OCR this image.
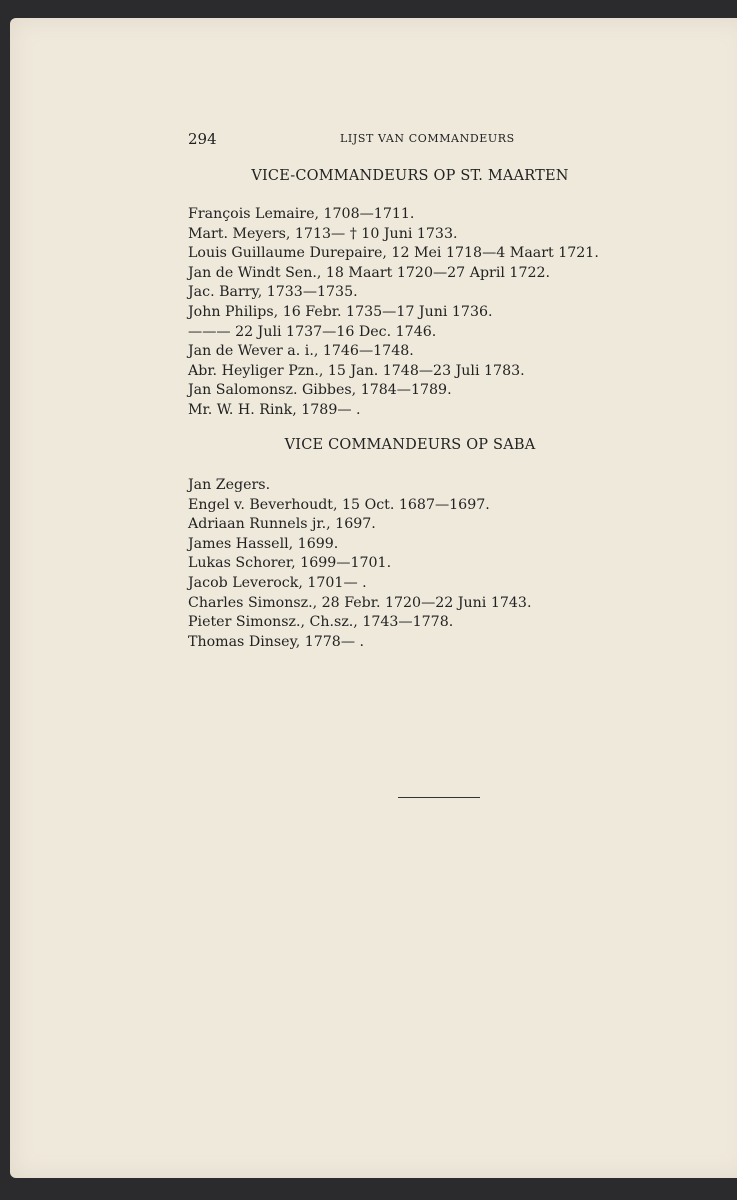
294	LIJST VAN COMMANDEURS
VICE-COMMANDEURS OP ST. MAARTEN
François Lemaire, 1708—1711.
Mart. Meyers, 1713— † 10 Juni 1733.
Louis Guillaume Durepaire, 12 Mei 1718—4 Maart 1721.
Jan de Windt Sen., 18 Maart 1720—27 April 1722.
Jac. Barry, 1733—1735.
John Philips, 16 Febr. 1735—17 Juni 1736.
——— 22 Juli 1737—16 Dec. 1746.
Jan de Wever a. i., 1746—1748.
Abr. Heyliger Pzn., 15 Jan. 1748—23 Juli 1783.
Jan Salomonsz. Gibbes, 1784—1789.
Mr. W. H. Rink, 1789— .
VICE COMMANDEURS OP SABA
Jan Zegers.
Engel v. Beverhoudt, 15 Oct. 1687—1697.
Adriaan Runnels jr., 1697.
James Hassell, 1699.
Lukas Schorer, 1699—1701.
Jacob Leverock, 1701— .
Charles Simonsz., 28 Febr. 1720—22 Juni 1743.
Pieter Simonsz., Ch.sz., 1743—1778.
Thomas Dinsey, 1778— .
